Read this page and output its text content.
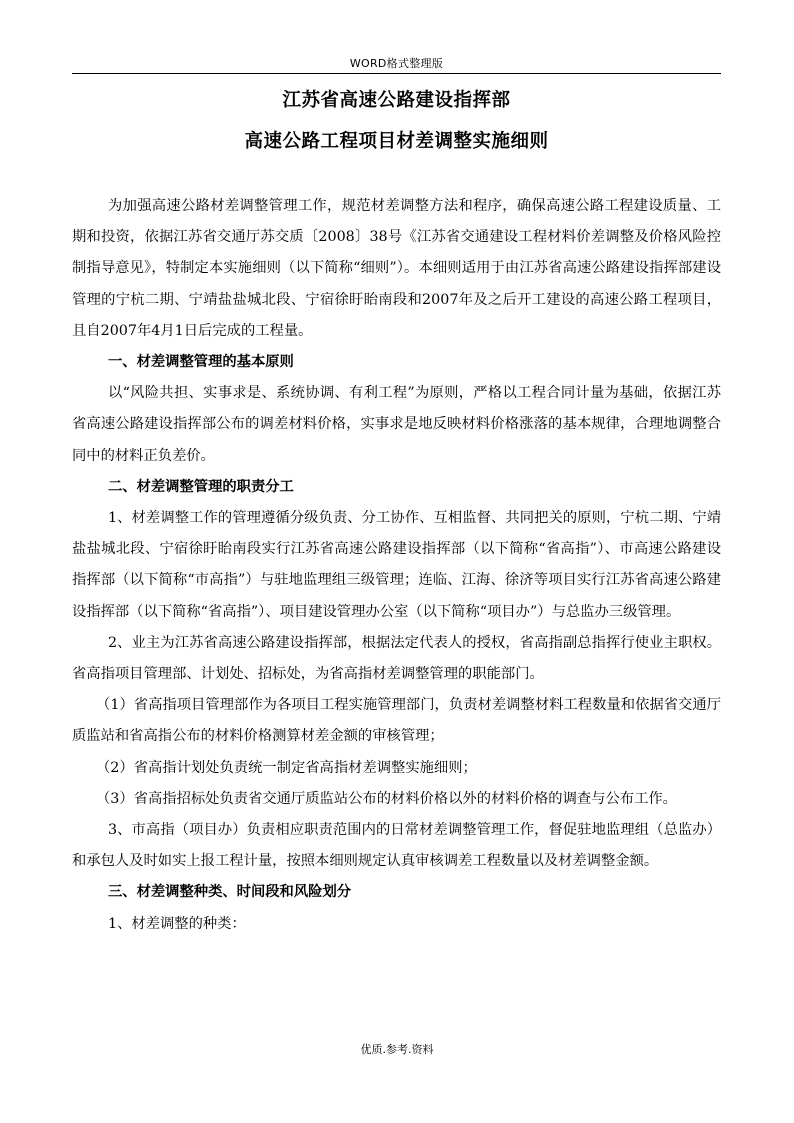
WORD格式整理版
江苏省高速公路建设指挥部
高速公路工程项目材差调整实施细则

为加强高速公路材差调整管理工作，规范材差调整方法和程序，确保高速公路工程建设质量、工期和投资，依据江苏省交通厅苏交质〔2008〕38号《江苏省交通建设工程材料价差调整及价格风险控制指导意见》，特制定本实施细则（以下简称“细则”）。本细则适用于由江苏省高速公路建设指挥部建设管理的宁杭二期、宁靖盐盐城北段、宁宿徐盱眙南段和2007年及之后开工建设的高速公路工程项目，且自2007年4月1日后完成的工程量。

一、材差调整管理的基本原则

以“风险共担、实事求是、系统协调、有利工程”为原则，严格以工程合同计量为基础，依据江苏省高速公路建设指挥部公布的调差材料价格，实事求是地反映材料价格涨落的基本规律，合理地调整合同中的材料正负差价。

二、材差调整管理的职责分工

1、材差调整工作的管理遵循分级负责、分工协作、互相监督、共同把关的原则，宁杭二期、宁靖盐盐城北段、宁宿徐盱眙南段实行江苏省高速公路建设指挥部（以下简称“省高指”）、市高速公路建设指挥部（以下简称“市高指”）与驻地监理组三级管理；连临、江海、徐济等项目实行江苏省高速公路建设指挥部（以下简称“省高指”）、项目建设管理办公室（以下简称“项目办”）与总监办三级管理。

2、业主为江苏省高速公路建设指挥部，根据法定代表人的授权，省高指副总指挥行使业主职权。省高指项目管理部、计划处、招标处，为省高指材差调整管理的职能部门。

（1）省高指项目管理部作为各项目工程实施管理部门，负责材差调整材料工程数量和依据省交通厅质监站和省高指公布的材料价格测算材差金额的审核管理；

（2）省高指计划处负责统一制定省高指材差调整实施细则；

（3）省高指招标处负责省交通厅质监站公布的材料价格以外的材料价格的调查与公布工作。

3、市高指（项目办）负责相应职责范围内的日常材差调整管理工作，督促驻地监理组（总监办）和承包人及时如实上报工程计量，按照本细则规定认真审核调差工程数量以及材差调整金额。

三、材差调整种类、时间段和风险划分

1、材差调整的种类：

优质.参考.资料
